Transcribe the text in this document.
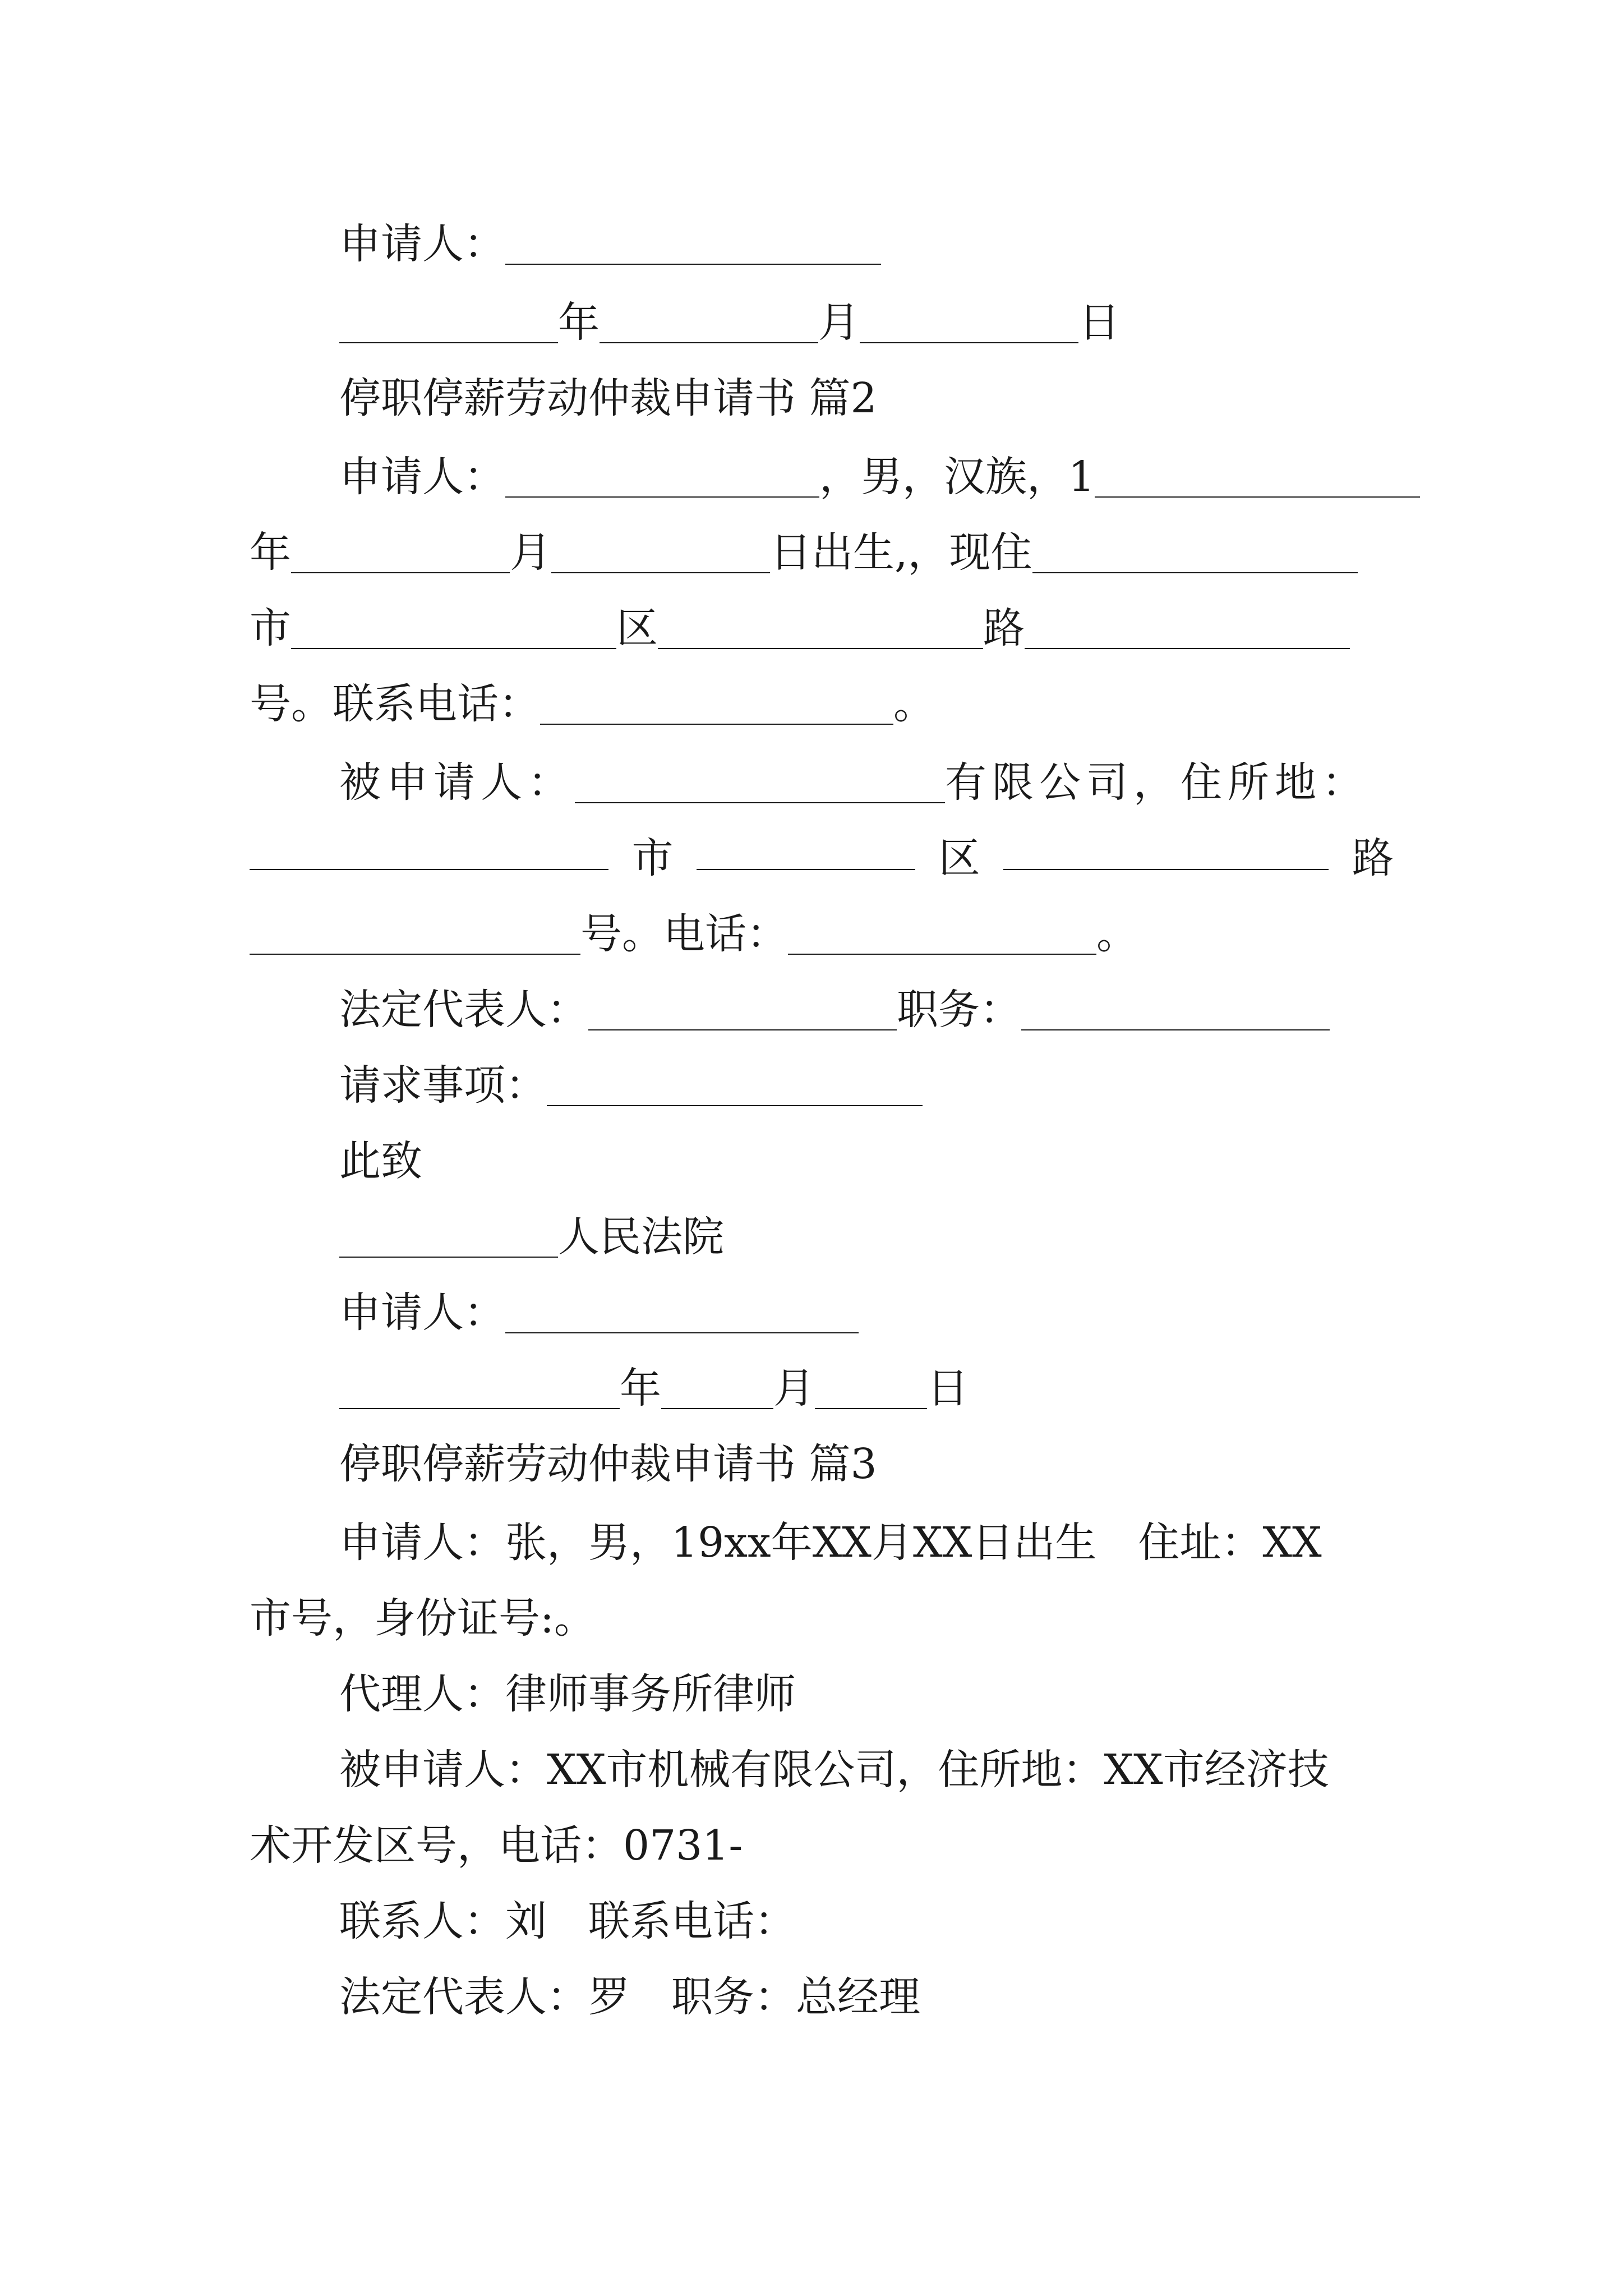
申请人：
年	月	日
停职停薪劳动仲裁申请书 篇2
申请人：	，男，汉族，1
年	月	日出生,，现住
市	区	路
号。联系电话：	。
被申请人：	有限公司，住所地：
市	区	路
号。电话：	。
法定代表人：	职务：
请求事项：
此致
人民法院
申请人：
年	月	日
停职停薪劳动仲裁申请书 篇3
申请人：张，男，19xx年XX月XX日出生　住址：XX
市号，身份证号:。
代理人：律师事务所律师
被申请人：XX市机械有限公司，住所地：XX市经济技
术开发区号，电话：0731-
联系人：刘　联系电话：
法定代表人：罗　职务：总经理
